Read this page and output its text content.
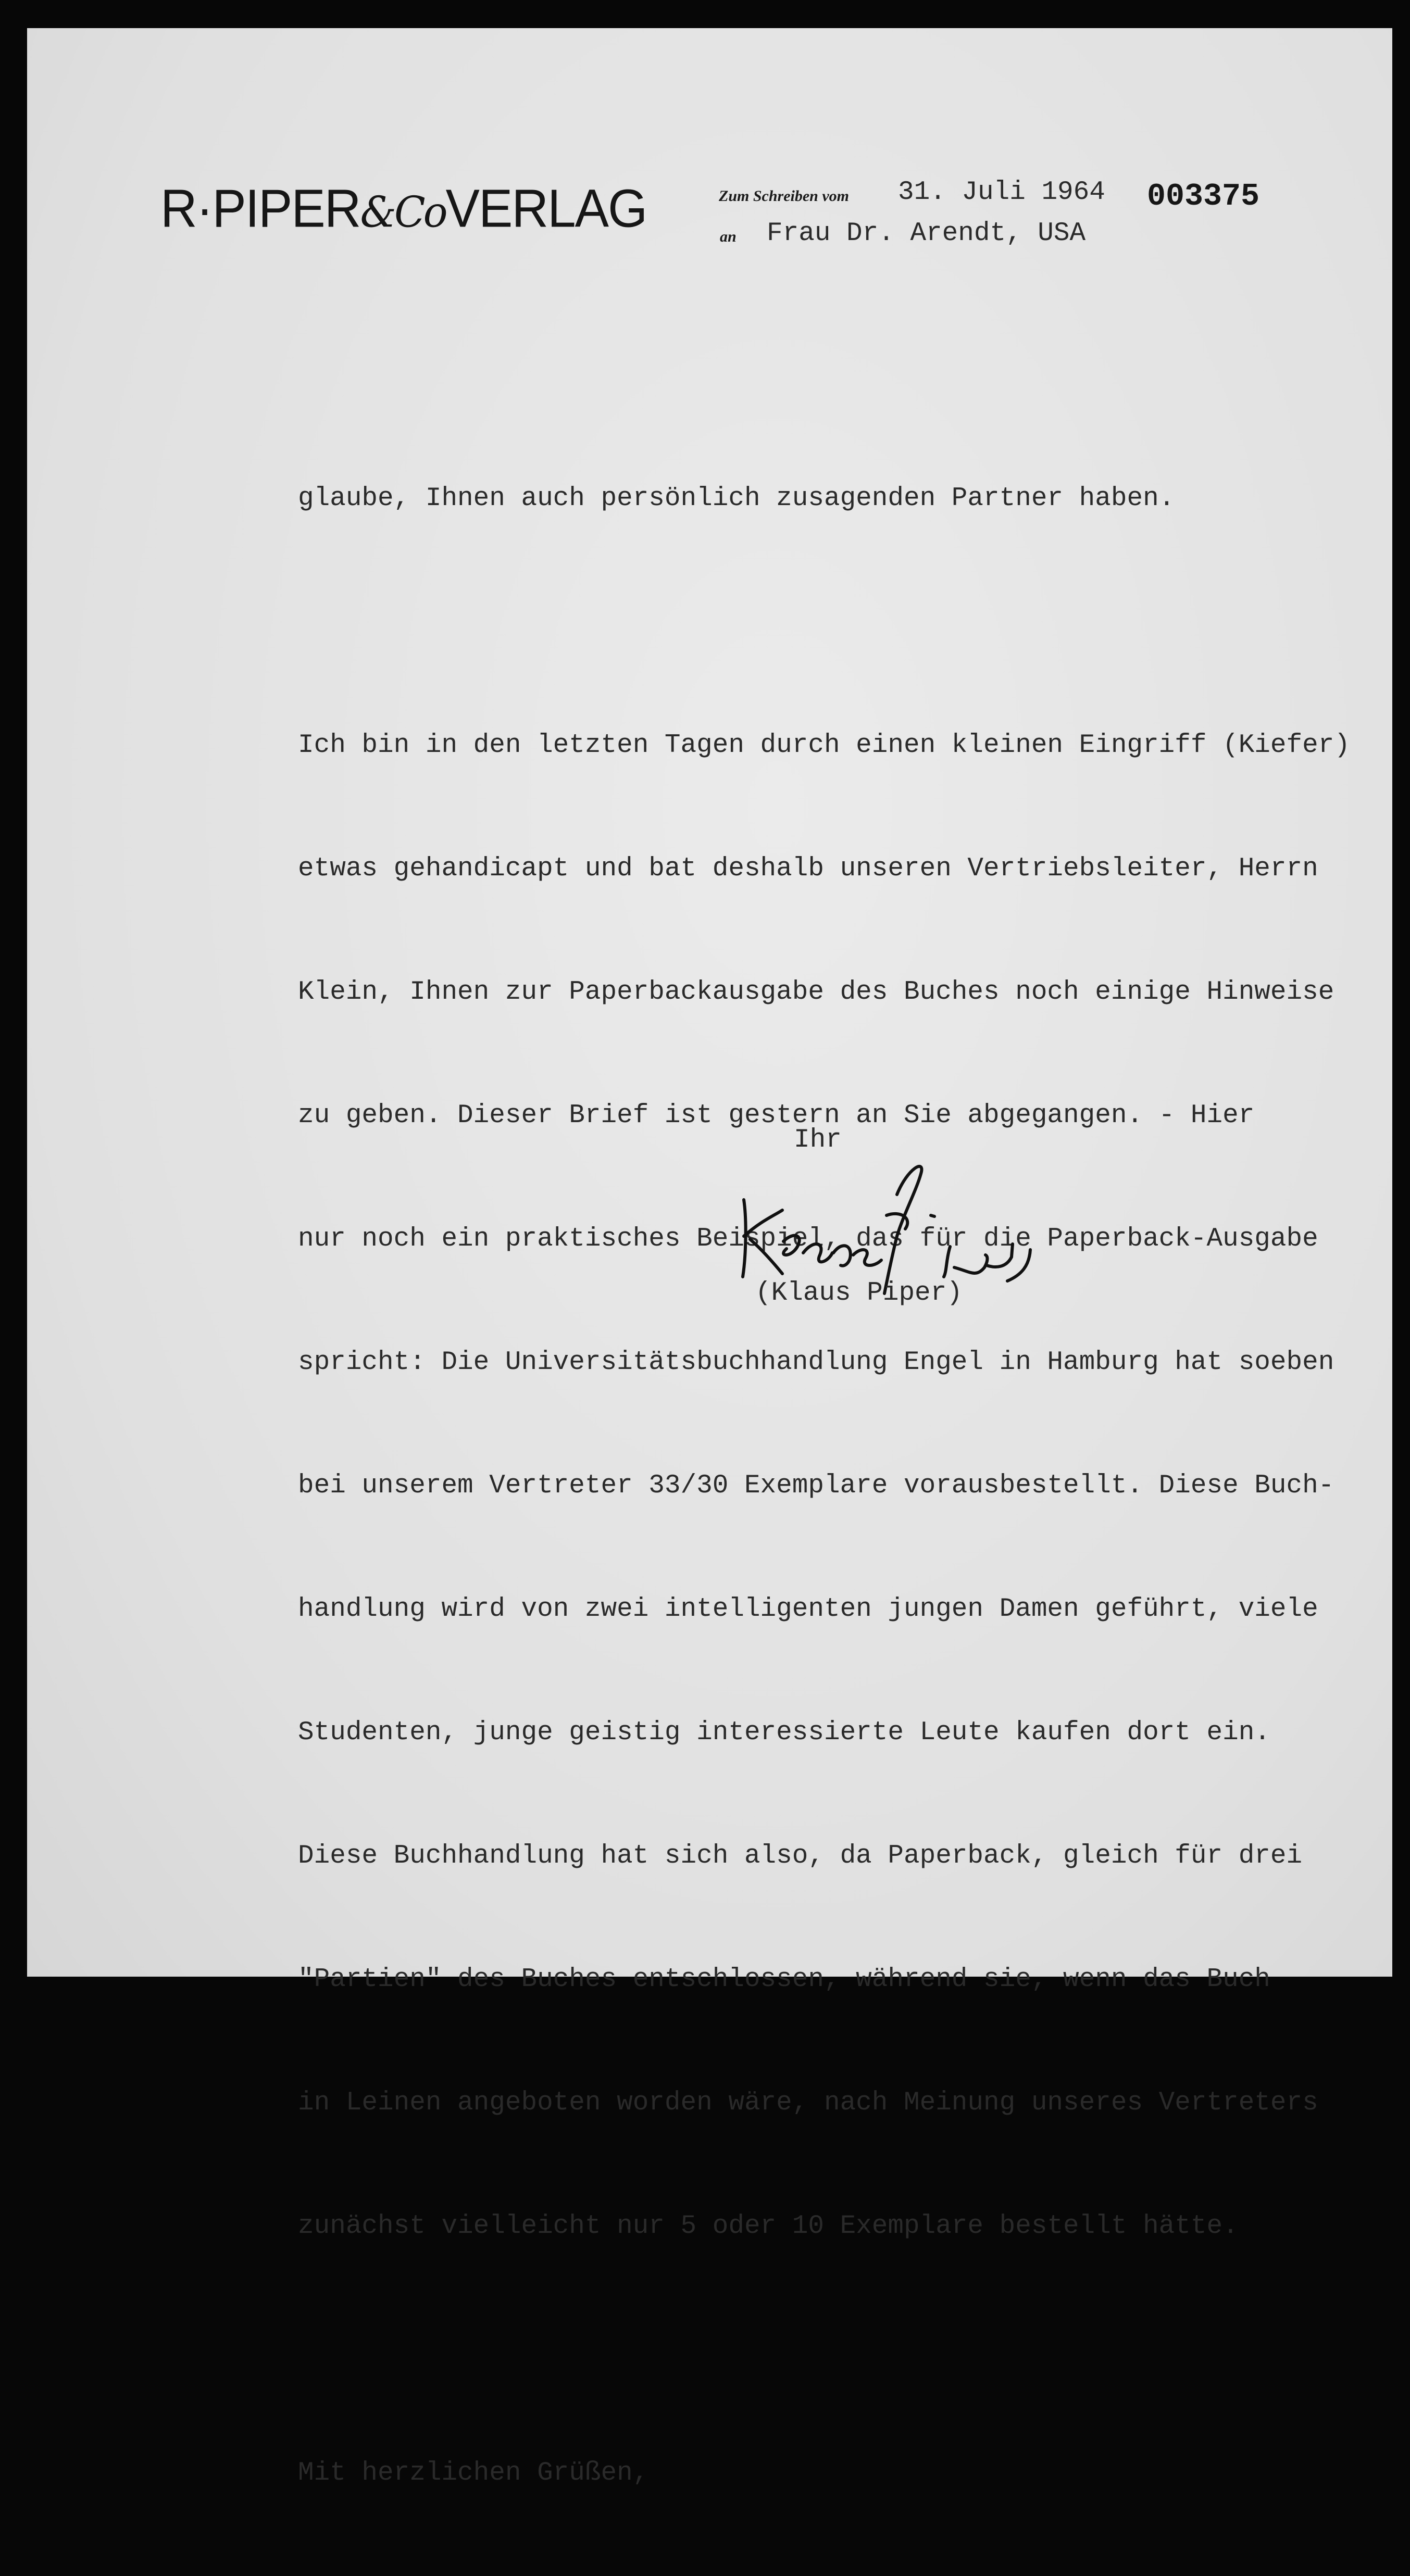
R·PIPER&CoVERLAG	Zum Schreiben vom 31. Juli 1964 003375
an Frau Dr. Arendt, USA

glaube, Ihnen auch persönlich zusagenden Partner haben.

Ich bin in den letzten Tagen durch einen kleinen Eingriff (Kiefer)

etwas gehandicapt und bat deshalb unseren Vertriebsleiter, Herrn

Klein, Ihnen zur Paperbackausgabe des Buches noch einige Hinweise

zu geben. Dieser Brief ist gestern an Sie abgegangen. - Hier

nur noch ein praktisches Beispiel, das für die Paperback-Ausgabe

spricht: Die Universitätsbuchhandlung Engel in Hamburg hat soeben

bei unserem Vertreter 33/30 Exemplare vorausbestellt. Diese Buch-

handlung wird von zwei intelligenten jungen Damen geführt, viele

Studenten, junge geistig interessierte Leute kaufen dort ein.

Diese Buchhandlung hat sich also, da Paperback, gleich für drei

"Partien" des Buches entschlossen, während sie, wenn das Buch

in Leinen angeboten worden wäre, nach Meinung unseres Vertreters

zunächst vielleicht nur 5 oder 10 Exemplare bestellt hätte.

Mit herzlichen Grüßen,

Ihr
(Klaus Piper)
